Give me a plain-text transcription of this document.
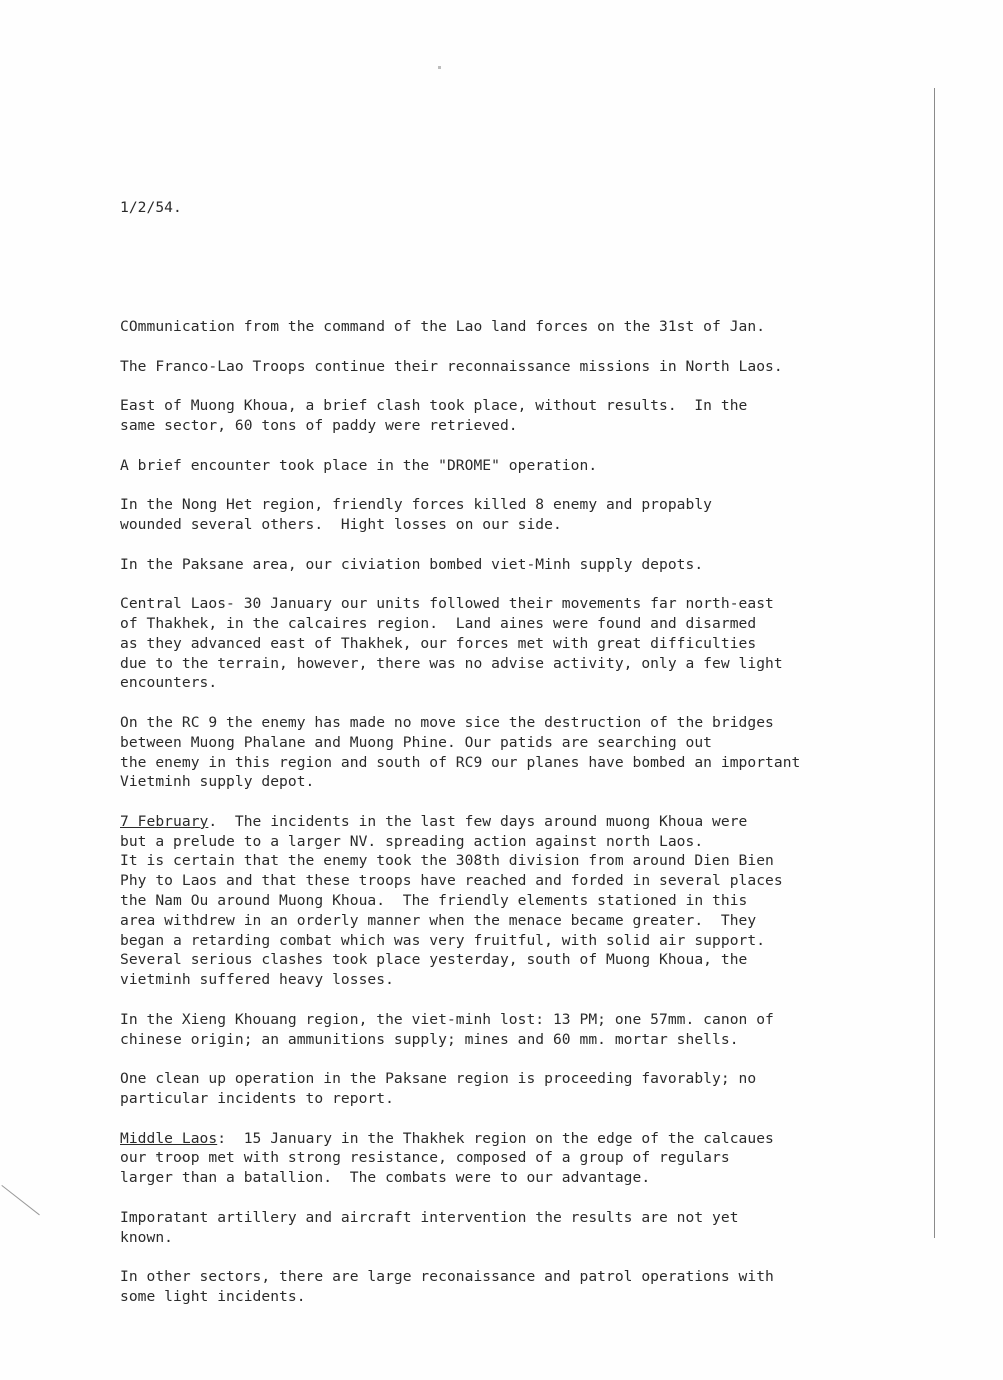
1/2/54.

COmmunication from the command of the Lao land forces on the 31st of Jan.
The Franco-Lao Troops continue their reconnaissance missions in North Laos.
East of Muong Khoua, a brief clash took place, without results.  In the
same sector, 60 tons of paddy were retrieved.
A brief encounter took place in the "DROME" operation.
In the Nong Het region, friendly forces killed 8 enemy and propably
wounded several others.  Hight losses on our side.
In the Paksane area, our civiation bombed viet-Minh supply depots.
Central Laos- 30 January our units followed their movements far north-east
of Thakhek, in the calcaires region.  Land aines were found and disarmed
as they advanced east of Thakhek, our forces met with great difficulties
due to the terrain, however, there was no advise activity, only a few light
encounters.
On the RC 9 the enemy has made no move sice the destruction of the bridges
between Muong Phalane and Muong Phine. Our patids are searching out
the enemy in this region and south of RC9 our planes have bombed an important
Vietminh supply depot.
7 February.  The incidents in the last few days around muong Khoua were
but a prelude to a larger NV. spreading action against north Laos.
It is certain that the enemy took the 308th division from around Dien Bien
Phy to Laos and that these troops have reached and forded in several places
the Nam Ou around Muong Khoua.  The friendly elements stationed in this
area withdrew in an orderly manner when the menace became greater.  They
began a retarding combat which was very fruitful, with solid air support.
Several serious clashes took place yesterday, south of Muong Khoua, the
vietminh suffered heavy losses.
In the Xieng Khouang region, the viet-minh lost: 13 PM; one 57mm. canon of
chinese origin; an ammunitions supply; mines and 60 mm. mortar shells.
One clean up operation in the Paksane region is proceeding favorably; no
particular incidents to report.
Middle Laos:  15 January in the Thakhek region on the edge of the calcaues
our troop met with strong resistance, composed of a group of regulars
larger than a batallion.  The combats were to our advantage.
Imporatant artillery and aircraft intervention the results are not yet
known.
In other sectors, there are large reconaissance and patrol operations with
some light incidents.
